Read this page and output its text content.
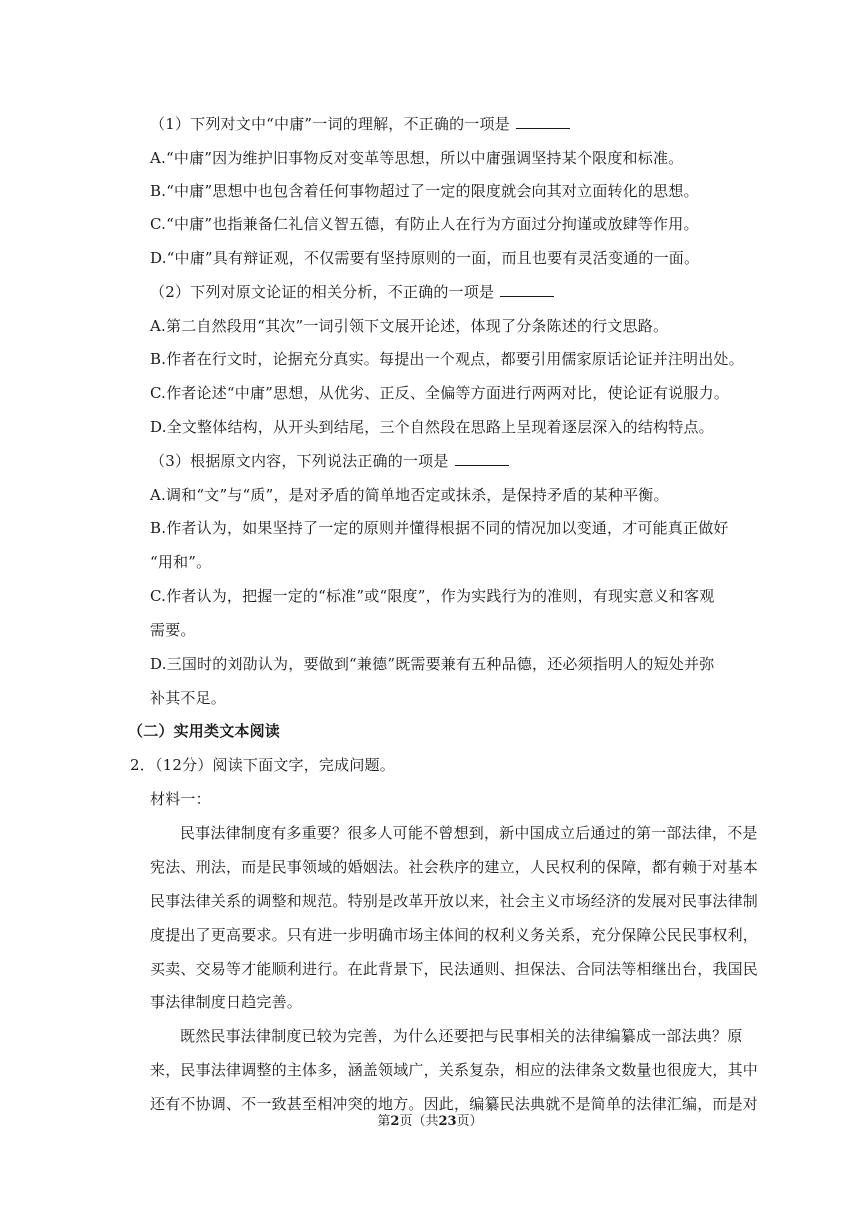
（1）下列对文中“中庸”一词的理解，不正确的一项是
A.“中庸”因为维护旧事物反对变革等思想，所以中庸强调坚持某个限度和标准。
B.“中庸”思想中也包含着任何事物超过了一定的限度就会向其对立面转化的思想。
C.“中庸”也指兼备仁礼信义智五德，有防止人在行为方面过分拘谨或放肆等作用。
D.“中庸”具有辩证观，不仅需要有坚持原则的一面，而且也要有灵活变通的一面。
（2）下列对原文论证的相关分析，不正确的一项是
A.第二自然段用“其次”一词引领下文展开论述，体现了分条陈述的行文思路。
B.作者在行文时，论据充分真实。每提出一个观点，都要引用儒家原话论证并注明出处。
C.作者论述“中庸”思想，从优劣、正反、全偏等方面进行两两对比，使论证有说服力。
D.全文整体结构，从开头到结尾，三个自然段在思路上呈现着逐层深入的结构特点。
（3）根据原文内容，下列说法正确的一项是
A.调和“文”与“质”，是对矛盾的简单地否定或抹杀，是保持矛盾的某种平衡。
B.作者认为，如果坚持了一定的原则并懂得根据不同的情况加以变通，才可能真正做好
“用和”。
C.作者认为，把握一定的“标准”或“限度”，作为实践行为的准则，有现实意义和客观
需要。
D.三国时的刘劭认为，要做到“兼德”既需要兼有五种品德，还必须指明人的短处并弥
补其不足。
（二）实用类文本阅读
2．（12分）阅读下面文字，完成问题。
材料一：
民事法律制度有多重要？很多人可能不曾想到，新中国成立后通过的第一部法律，不是
宪法、刑法，而是民事领域的婚姻法。社会秩序的建立，人民权利的保障，都有赖于对基本
民事法律关系的调整和规范。特别是改革开放以来，社会主义市场经济的发展对民事法律制
度提出了更高要求。只有进一步明确市场主体间的权利义务关系，充分保障公民民事权利，
买卖、交易等才能顺利进行。在此背景下，民法通则、担保法、合同法等相继出台，我国民
事法律制度日趋完善。
既然民事法律制度已较为完善，为什么还要把与民事相关的法律编纂成一部法典？原
来，民事法律调整的主体多，涵盖领域广，关系复杂，相应的法律条文数量也很庞大，其中
还有不协调、不一致甚至相冲突的地方。因此，编纂民法典就不是简单的法律汇编，而是对
第2页（共23页）
